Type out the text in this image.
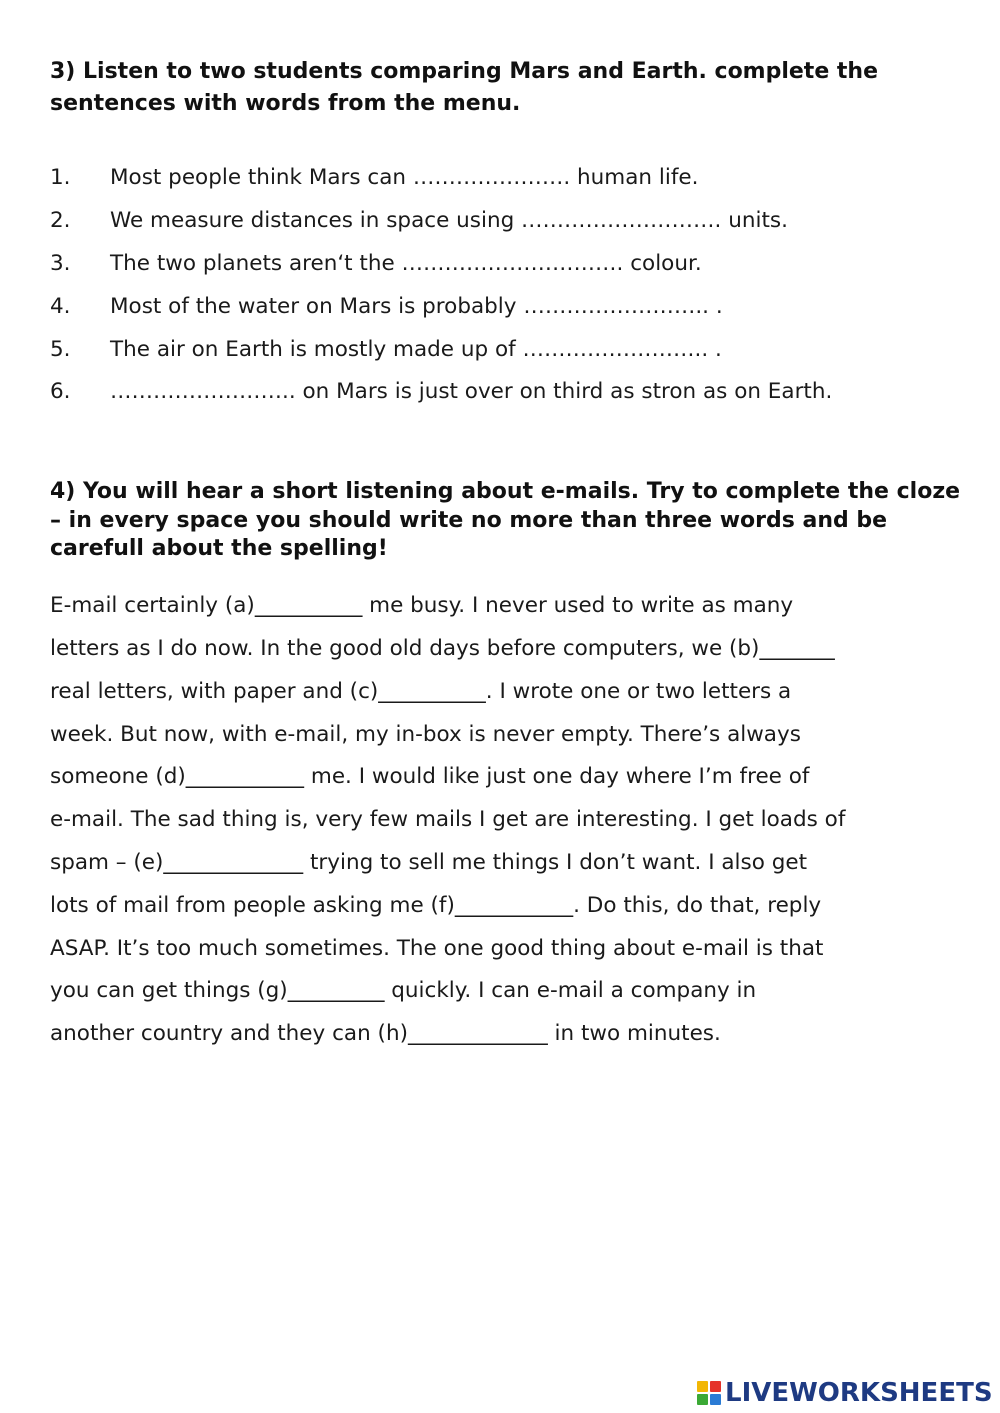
3) Listen to two students comparing Mars and Earth. complete the sentences with words from the menu.
1. Most people think Mars can …………………. human life.
2. We measure distances in space using ………………………. units.
3. The two planets aren‘t the …………………………. colour.
4. Most of the water on Mars is probably …………………….. .
5. The air on Earth is mostly made up of …………………….. .
6. …………………….. on Mars is just over on third as stron as on Earth.
4) You will hear a short listening about e-mails. Try to complete the cloze – in every space you should write no more than three words and be carefull about the spelling!
E-mail certainly (a)__________ me busy. I never used to write as many
letters as I do now. In the good old days before computers, we (b)_______
real letters, with paper and (c)__________. I wrote one or two letters a
week. But now, with e-mail, my in-box is never empty. There’s always
someone (d)___________ me. I would like just one day where I’m free of
e-mail. The sad thing is, very few mails I get are interesting. I get loads of
spam – (e)_____________ trying to sell me things I don’t want. I also get
lots of mail from people asking me (f)___________. Do this, do that, reply
ASAP. It’s too much sometimes. The one good thing about e-mail is that
you can get things (g)_________ quickly. I can e-mail a company in
another country and they can (h)_____________ in two minutes.
LIVEWORKSHEETS
